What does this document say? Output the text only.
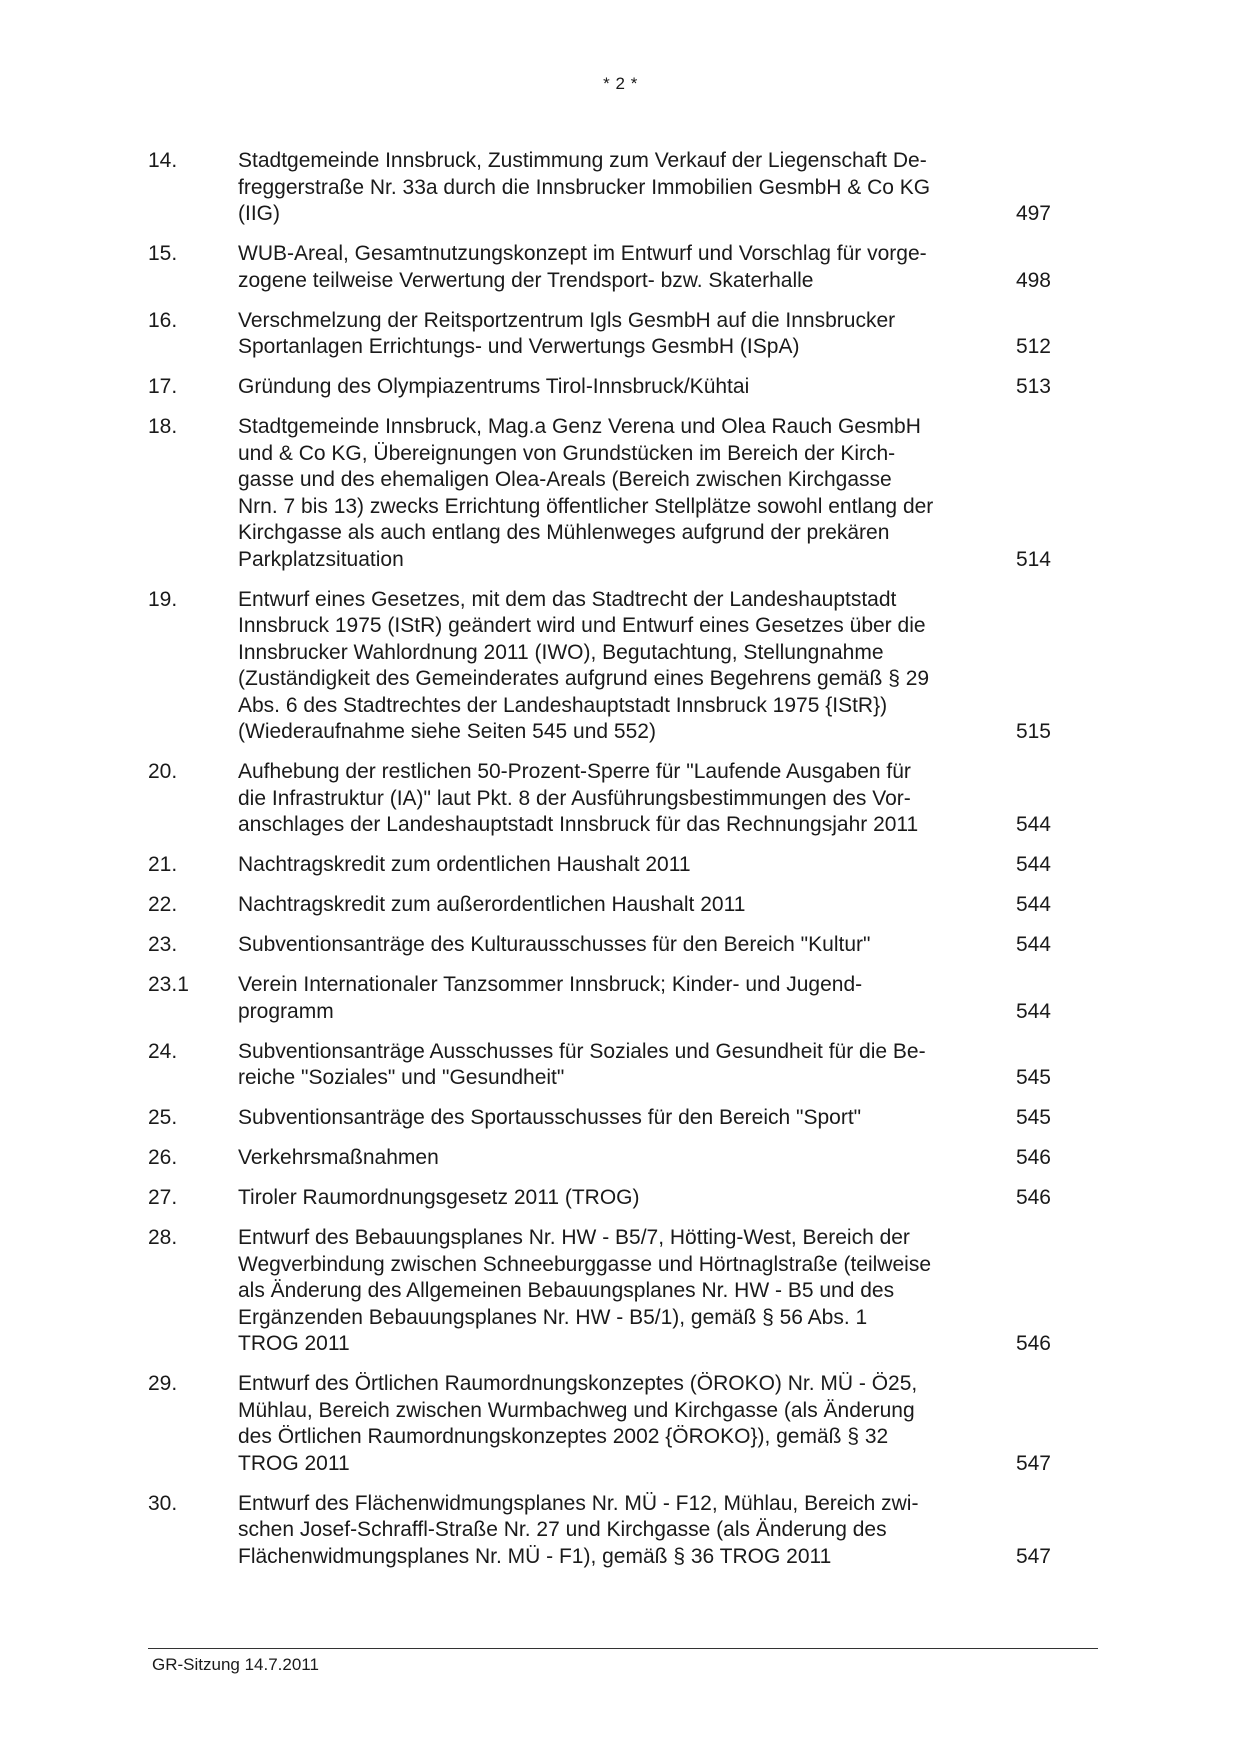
* 2 *
14.	Stadtgemeinde Innsbruck, Zustimmung zum Verkauf der Liegenschaft De-
freggerstraße Nr. 33a durch die Innsbrucker Immobilien GesmbH & Co KG
(IIG)	497
15.	WUB-Areal, Gesamtnutzungskonzept im Entwurf und Vorschlag für vorge-
zogene teilweise Verwertung der Trendsport- bzw. Skaterhalle	498
16.	Verschmelzung der Reitsportzentrum Igls GesmbH auf die Innsbrucker
Sportanlagen Errichtungs- und Verwertungs GesmbH (ISpA)	512
17.	Gründung des Olympiazentrums Tirol-Innsbruck/Kühtai	513
18.	Stadtgemeinde Innsbruck, Mag.a Genz Verena und Olea Rauch GesmbH
und & Co KG, Übereignungen von Grundstücken im Bereich der Kirch-
gasse und des ehemaligen Olea-Areals (Bereich zwischen Kirchgasse
Nrn. 7 bis 13) zwecks Errichtung öffentlicher Stellplätze sowohl entlang der
Kirchgasse als auch entlang des Mühlenweges aufgrund der prekären
Parkplatzsituation	514
19.	Entwurf eines Gesetzes, mit dem das Stadtrecht der Landeshauptstadt
Innsbruck 1975 (IStR) geändert wird und Entwurf eines Gesetzes über die
Innsbrucker Wahlordnung 2011 (IWO), Begutachtung, Stellungnahme
(Zuständigkeit des Gemeinderates aufgrund eines Begehrens gemäß § 29
Abs. 6 des Stadtrechtes der Landeshauptstadt Innsbruck 1975 {IStR})
(Wiederaufnahme siehe Seiten 545 und 552)	515
20.	Aufhebung der restlichen 50-Prozent-Sperre für "Laufende Ausgaben für
die Infrastruktur (IA)" laut Pkt. 8 der Ausführungsbestimmungen des Vor-
anschlages der Landeshauptstadt Innsbruck für das Rechnungsjahr 2011	544
21.	Nachtragskredit zum ordentlichen Haushalt 2011	544
22.	Nachtragskredit zum außerordentlichen Haushalt 2011	544
23.	Subventionsanträge des Kulturausschusses für den Bereich "Kultur"	544
23.1	Verein Internationaler Tanzsommer Innsbruck; Kinder- und Jugend-
programm	544
24.	Subventionsanträge Ausschusses für Soziales und Gesundheit für die Be-
reiche "Soziales" und "Gesundheit"	545
25.	Subventionsanträge des Sportausschusses für den Bereich "Sport"	545
26.	Verkehrsmaßnahmen	546
27.	Tiroler Raumordnungsgesetz 2011 (TROG)	546
28.	Entwurf des Bebauungsplanes Nr. HW - B5/7, Hötting-West, Bereich der
Wegverbindung zwischen Schneeburggasse und Hörtnaglstraße (teilweise
als Änderung des Allgemeinen Bebauungsplanes Nr. HW - B5 und des
Ergänzenden Bebauungsplanes Nr. HW - B5/1), gemäß § 56 Abs. 1
TROG 2011	546
29.	Entwurf des Örtlichen Raumordnungskonzeptes (ÖROKO) Nr. MÜ - Ö25,
Mühlau, Bereich zwischen Wurmbachweg und Kirchgasse (als Änderung
des Örtlichen Raumordnungskonzeptes 2002 {ÖROKO}), gemäß § 32
TROG 2011	547
30.	Entwurf des Flächenwidmungsplanes Nr. MÜ - F12, Mühlau, Bereich zwi-
schen Josef-Schraffl-Straße Nr. 27 und Kirchgasse (als Änderung des
Flächenwidmungsplanes Nr. MÜ - F1), gemäß § 36 TROG 2011	547
GR-Sitzung 14.7.2011
